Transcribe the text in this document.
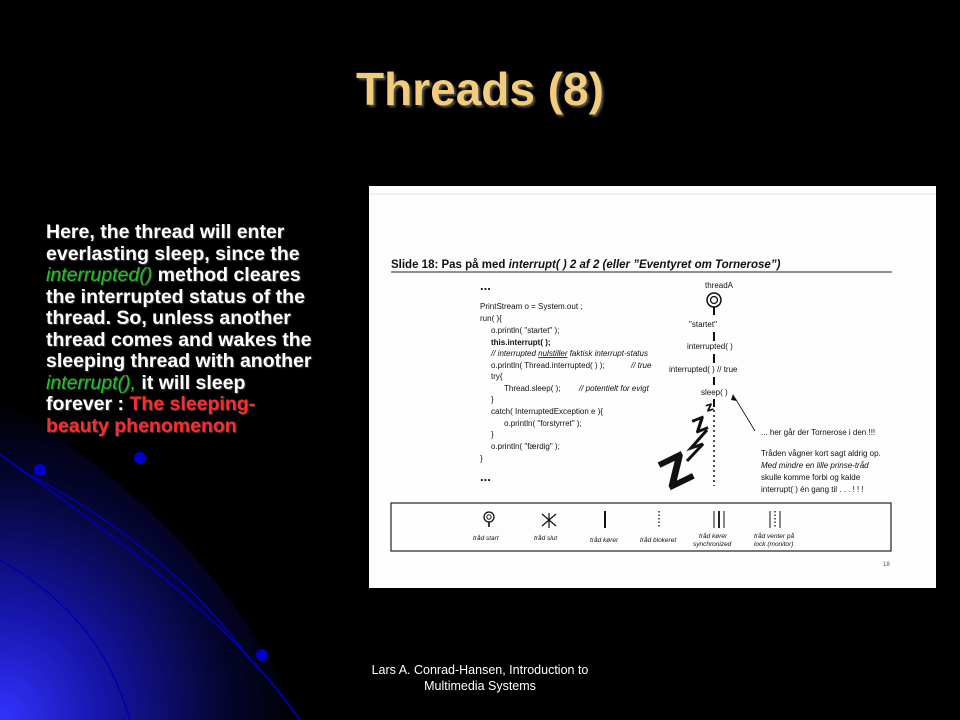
Threads (8)
Here, the thread will enter everlasting sleep, since the interrupted() method cleares the interrupted status of the thread. So, unless another thread comes and wakes the sleeping thread with another interrupt(), it will sleep forever : The sleeping-beauty phenomenon
Slide 18: Pas på med interrupt( ) 2 af 2 (eller ”Eventyret om Tornerose”)
...
PrintStream o = System.out ;
run( ){
o.println( "startet" );
this.interrupt( );
// interrupted nulstiller faktisk interrupt-status
o.println( Thread.interrupted( ) );	// true
try{
Thread.sleep( ); // potentielt for evigt
}
catch( InterruptedException e ){
o.println( "forstyrret" );
}
o.println( "færdig" );
}
...
threadA
"startet"
interrupted( )
interrupted( ) // true
sleep( )
z
Z
Z
... her går der Tornerose i den !!!
Tråden vågner kort sagt aldrig op.
Med mindre en lille prinse-tråd
skulle komme forbi og kalde
interrupt( ) én gang til . . . ! ! !
tråd start	tråd slut	tråd kører	tråd blokeret
tråd kører
synchronized
tråd venter på
lock (monitor)
18
Lars A. Conrad-Hansen, Introduction to
Multimedia Systems
